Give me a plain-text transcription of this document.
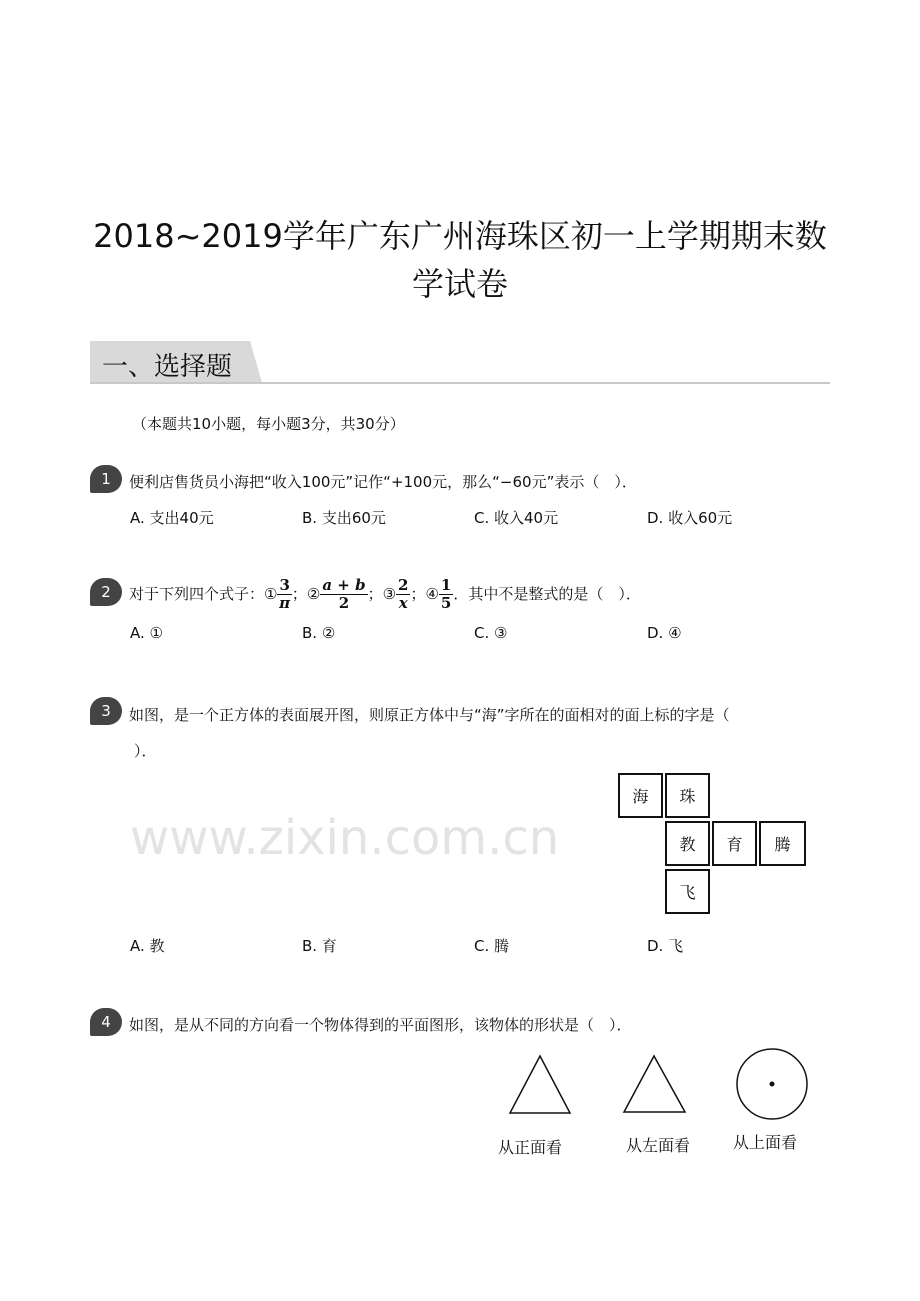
2018~2019学年广东广州海珠区初一上学期期末数
学试卷
一、选择题
（本题共10小题，每小题3分，共30分）
www.zixin.com.cn
1	便利店售货员小海把“收入100元”记作“+100元，那么“−60元”表示（　）．
A. 支出40元	B. 支出60元	C. 收入40元	D. 收入60元
2	对于下列四个式子：① $\frac{3}{\pi}$；② $\frac{a + b}{2}$ ；③ $\frac{2}{x}$；④ $\frac{1}{5}$ ．其中不是整式的是（　）．
A. ①	B. ②	C. ③	D. ④
3	如图，是一个正方体的表面展开图，则原正方体中与“海”字所在的面相对的面上标的字是（
）．
海	珠
教	育	腾
飞
A. 教	B. 育	C. 腾	D. 飞
4	如图，是从不同的方向看一个物体得到的平面图形，该物体的形状是（　）．
从正面看	从左面看	从上面看
